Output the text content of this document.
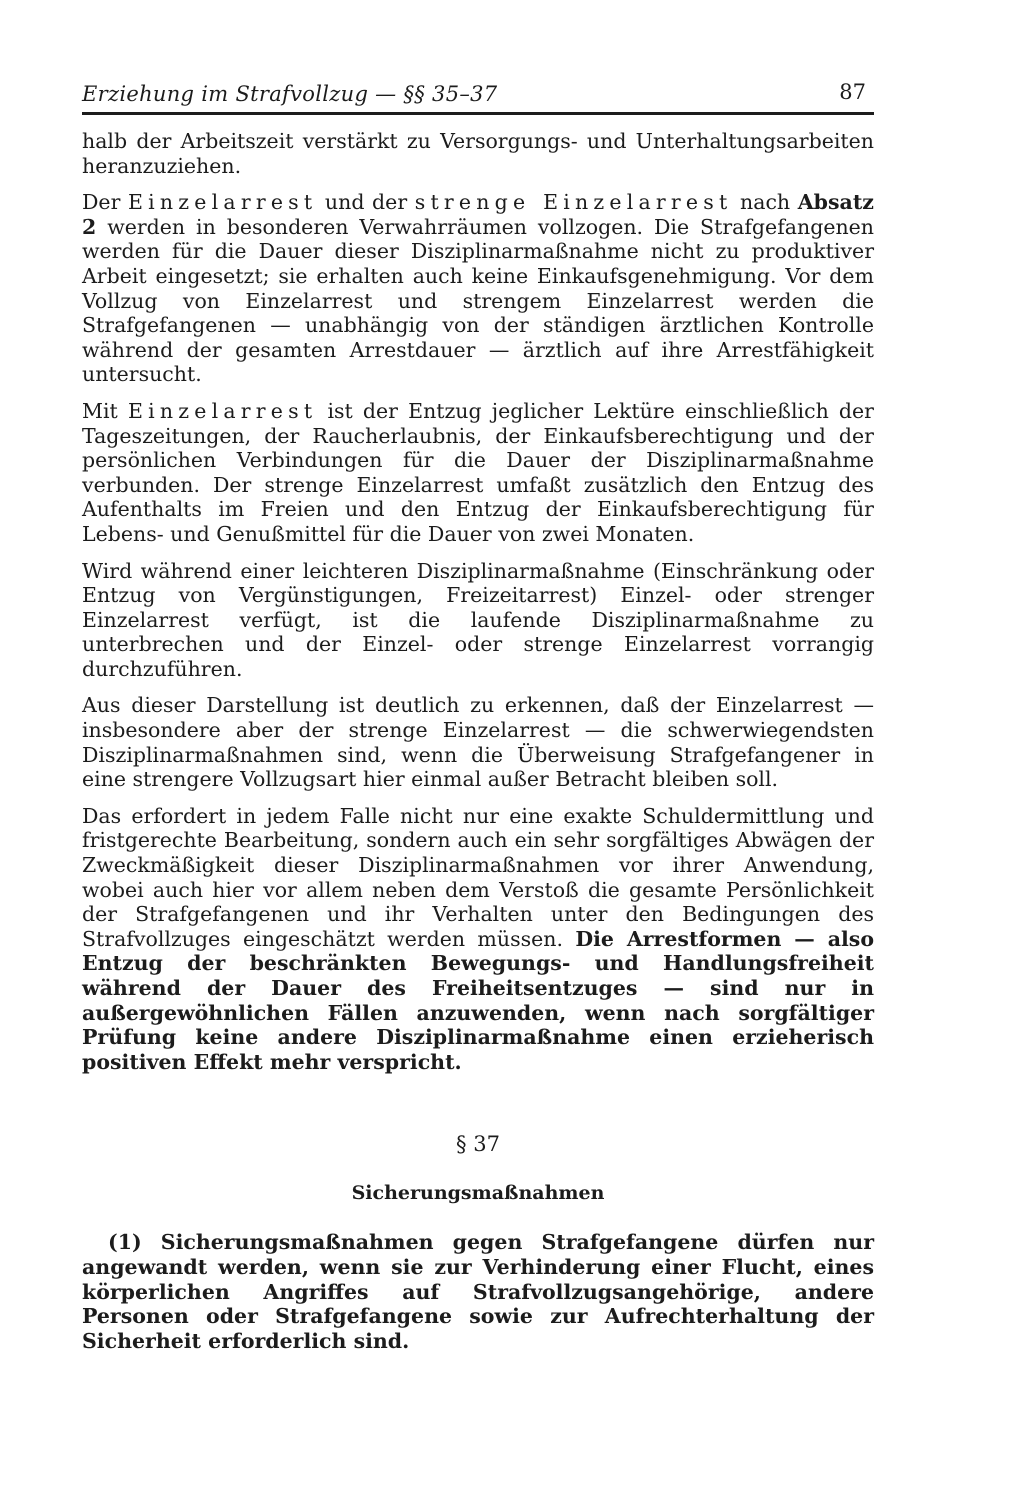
Erziehung im Strafvollzug — §§ 35–37	87

halb der Arbeitszeit verstärkt zu Versorgungs- und Unterhaltungsarbeiten heranzuziehen.

Der Einzelarrest und der strenge Einzelarrest nach Absatz 2 werden in besonderen Verwahrräumen vollzogen. Die Strafgefangenen werden für die Dauer dieser Disziplinarmaßnahme nicht zu produktiver Arbeit eingesetzt; sie erhalten auch keine Einkaufsgenehmigung. Vor dem Vollzug von Einzelarrest und strengem Einzelarrest werden die Strafgefangenen — unabhängig von der ständigen ärztlichen Kontrolle während der gesamten Arrestdauer — ärztlich auf ihre Arrestfähigkeit untersucht.

Mit Einzelarrest ist der Entzug jeglicher Lektüre einschließlich der Tageszeitungen, der Raucherlaubnis, der Einkaufsberechtigung und der persönlichen Verbindungen für die Dauer der Disziplinarmaßnahme verbunden. Der strenge Einzelarrest umfaßt zusätzlich den Entzug des Aufenthalts im Freien und den Entzug der Einkaufsberechtigung für Lebens- und Genußmittel für die Dauer von zwei Monaten.

Wird während einer leichteren Disziplinarmaßnahme (Einschränkung oder Entzug von Vergünstigungen, Freizeitarrest) Einzel- oder strenger Einzelarrest verfügt, ist die laufende Disziplinarmaßnahme zu unterbrechen und der Einzel- oder strenge Einzelarrest vorrangig durchzuführen.

Aus dieser Darstellung ist deutlich zu erkennen, daß der Einzelarrest — insbesondere aber der strenge Einzelarrest — die schwerwiegendsten Disziplinarmaßnahmen sind, wenn die Überweisung Strafgefangener in eine strengere Vollzugsart hier einmal außer Betracht bleiben soll.

Das erfordert in jedem Falle nicht nur eine exakte Schuldermittlung und fristgerechte Bearbeitung, sondern auch ein sehr sorgfältiges Abwägen der Zweckmäßigkeit dieser Disziplinarmaßnahmen vor ihrer Anwendung, wobei auch hier vor allem neben dem Verstoß die gesamte Persönlichkeit der Strafgefangenen und ihr Verhalten unter den Bedingungen des Strafvollzuges eingeschätzt werden müssen. Die Arrestformen — also Entzug der beschränkten Bewegungs- und Handlungsfreiheit während der Dauer des Freiheitsentzuges — sind nur in außergewöhnlichen Fällen anzuwenden, wenn nach sorgfältiger Prüfung keine andere Disziplinarmaßnahme einen erzieherisch positiven Effekt mehr verspricht.

§ 37
Sicherungsmaßnahmen

(1) Sicherungsmaßnahmen gegen Strafgefangene dürfen nur angewandt werden, wenn sie zur Verhinderung einer Flucht, eines körperlichen Angriffes auf Strafvollzugsangehörige, andere Personen oder Strafgefangene sowie zur Aufrechterhaltung der Sicherheit erforderlich sind.
